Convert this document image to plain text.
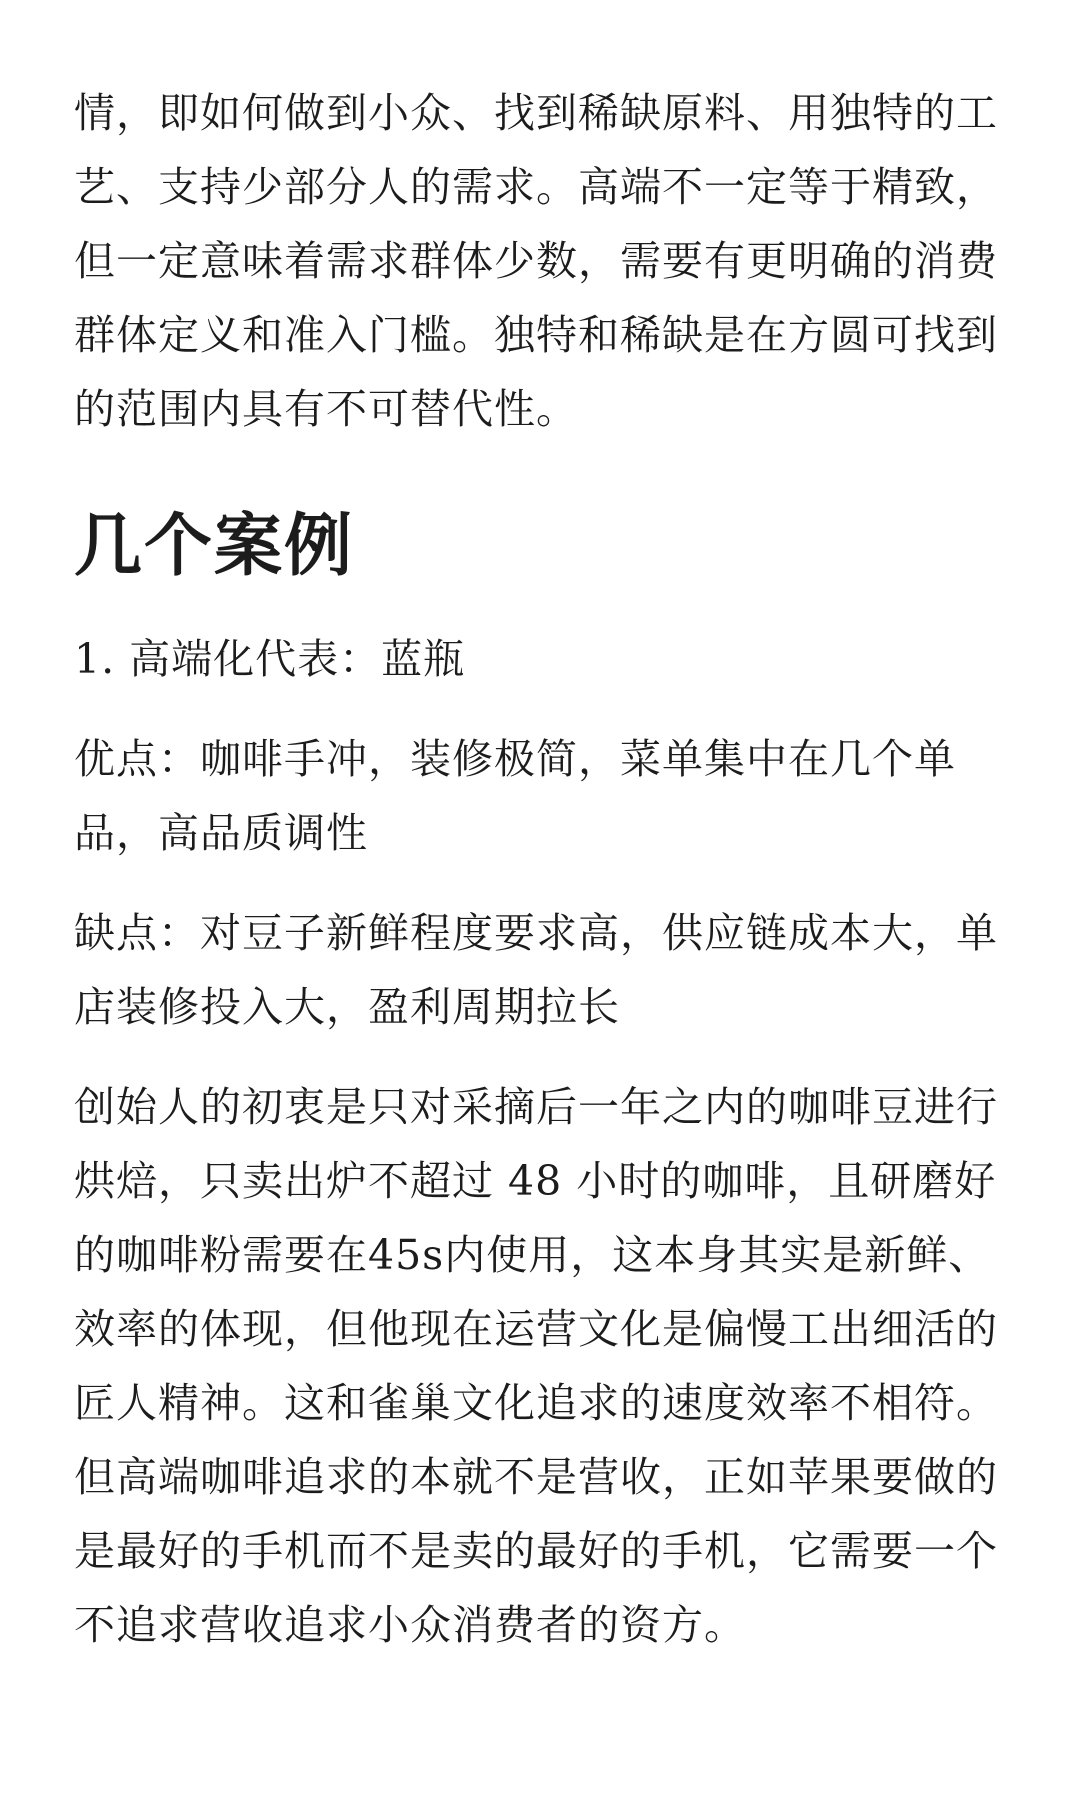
情，即如何做到小众、找到稀缺原料、用独特的工艺、支持少部分人的需求。高端不一定等于精致，但一定意味着需求群体少数，需要有更明确的消费群体定义和准入门槛。独特和稀缺是在方圆可找到的范围内具有不可替代性。

几个案例

1. 高端化代表：蓝瓶

优点：咖啡手冲，装修极简，菜单集中在几个单品，高品质调性

缺点：对豆子新鲜程度要求高，供应链成本大，单店装修投入大，盈利周期拉长

创始人的初衷是只对采摘后一年之内的咖啡豆进行烘焙，只卖出炉不超过 48 小时的咖啡，且研磨好的咖啡粉需要在45s内使用，这本身其实是新鲜、效率的体现，但他现在运营文化是偏慢工出细活的匠人精神。这和雀巢文化追求的速度效率不相符。但高端咖啡追求的本就不是营收，正如苹果要做的是最好的手机而不是卖的最好的手机，它需要一个不追求营收追求小众消费者的资方。
